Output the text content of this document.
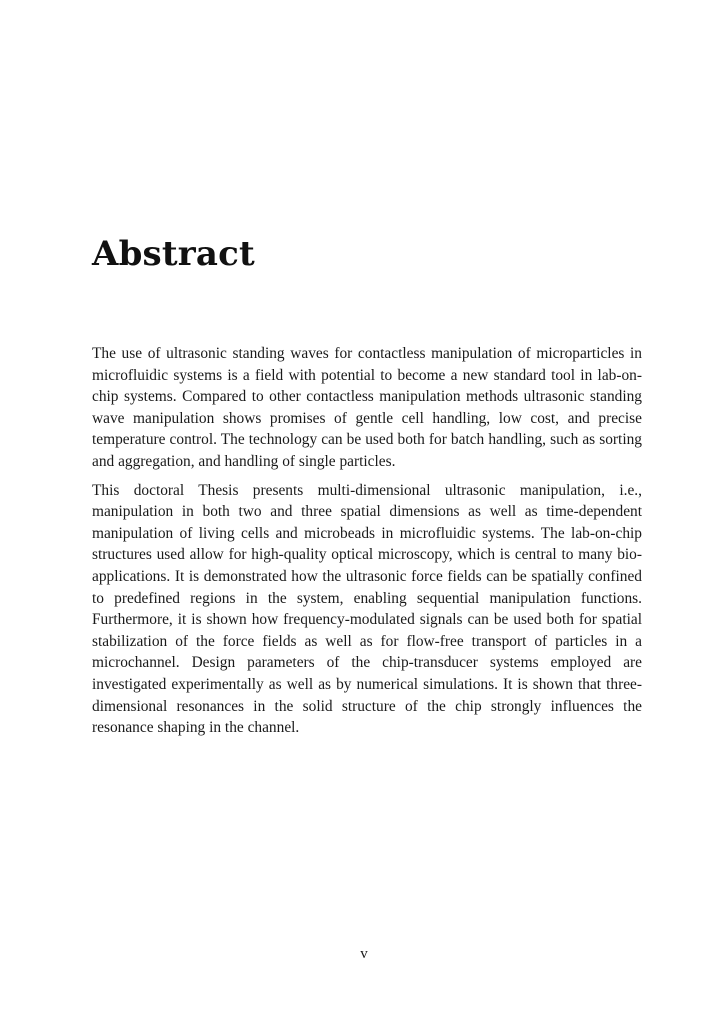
Abstract

The use of ultrasonic standing waves for contactless manipulation of microparticles in microfluidic systems is a field with potential to become a new standard tool in lab-on-chip systems. Compared to other contactless manipulation methods ultrasonic standing wave manipulation shows promises of gentle cell handling, low cost, and precise temperature control. The technology can be used both for batch handling, such as sorting and aggregation, and handling of single particles.

This doctoral Thesis presents multi-dimensional ultrasonic manipulation, i.e., manipulation in both two and three spatial dimensions as well as time-dependent manipulation of living cells and microbeads in microfluidic systems. The lab-on-chip structures used allow for high-quality optical microscopy, which is central to many bio-applications. It is demonstrated how the ultrasonic force fields can be spatially confined to predefined regions in the system, enabling sequential manipulation functions. Furthermore, it is shown how frequency-modulated signals can be used both for spatial stabilization of the force fields as well as for flow-free transport of particles in a microchannel. Design parameters of the chip-transducer systems employed are investigated experimentally as well as by numerical simulations. It is shown that three-dimensional resonances in the solid structure of the chip strongly influences the resonance shaping in the channel.

v
